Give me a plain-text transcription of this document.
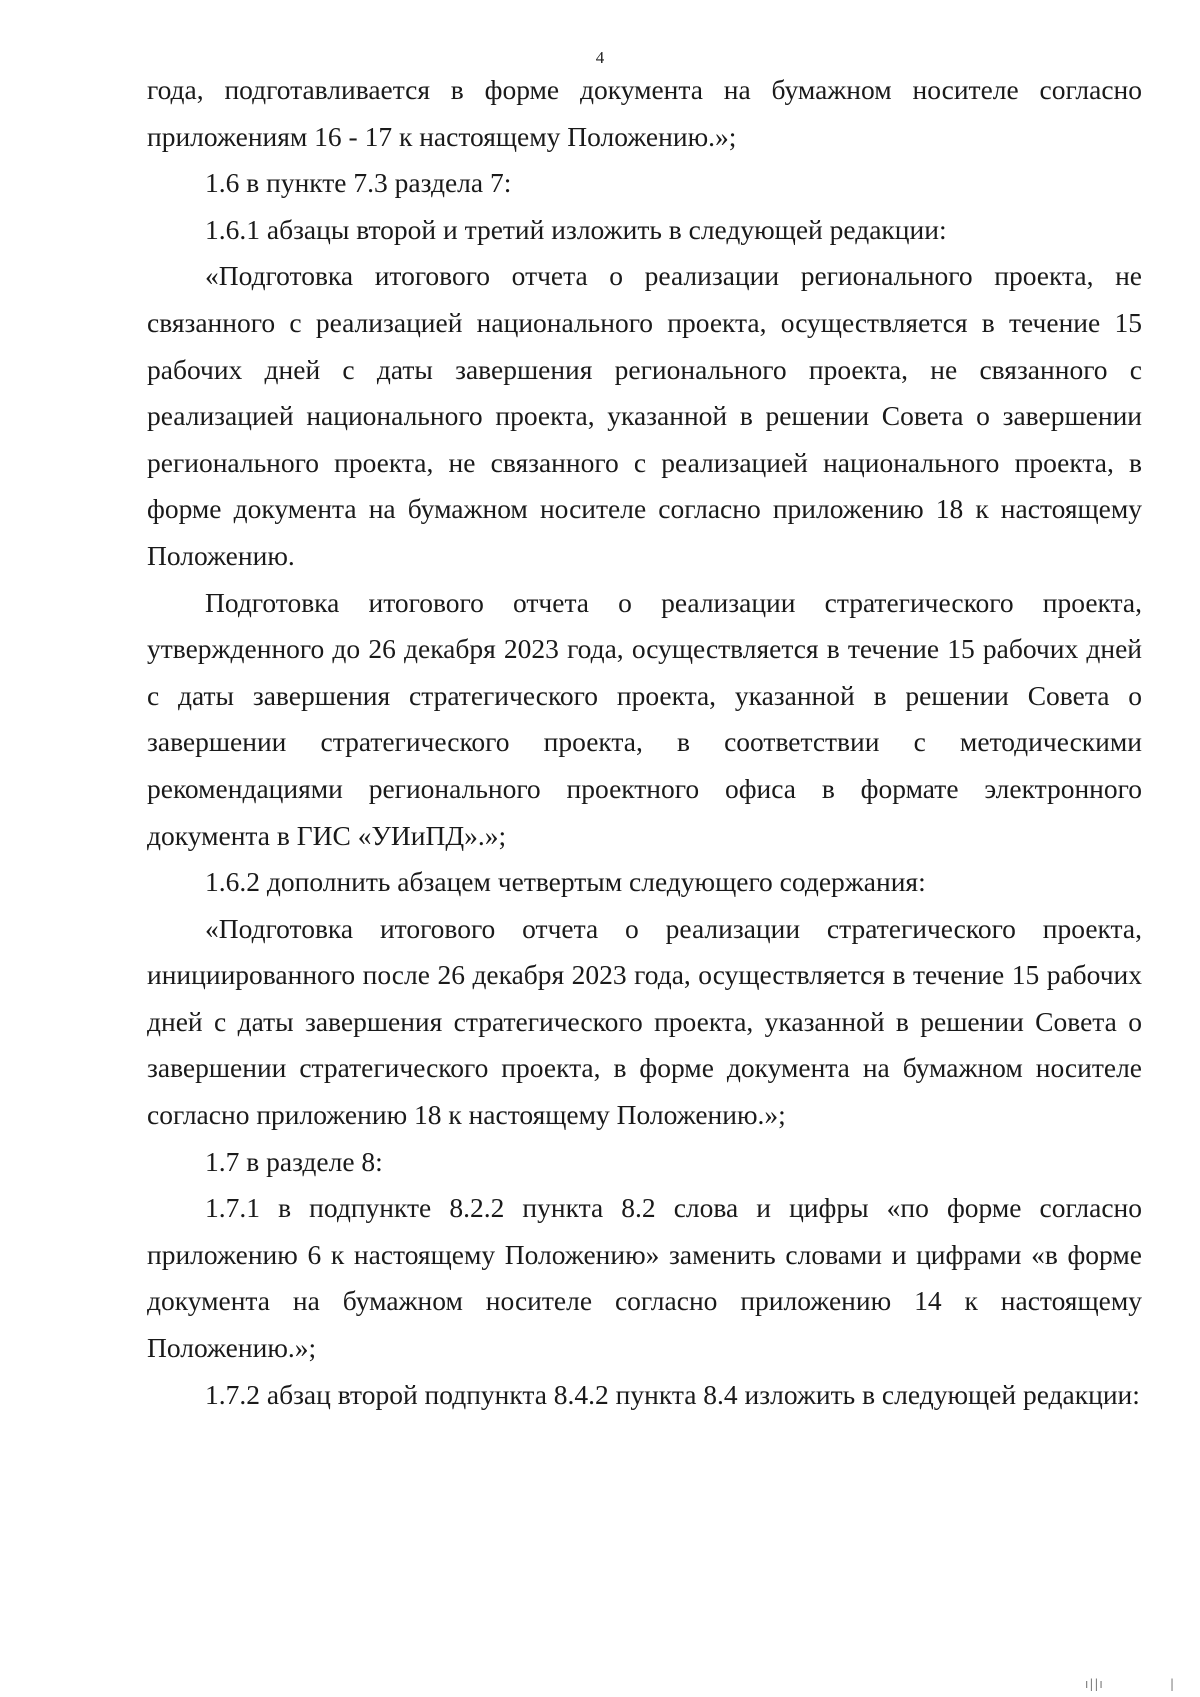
4

года, подготавливается в форме документа на бумажном носителе согласно приложениям 16 - 17 к настоящему Положению.»;

1.6 в пункте 7.3 раздела 7:

1.6.1 абзацы второй и третий изложить в следующей редакции:

«Подготовка итогового отчета о реализации регионального проекта, не связанного с реализацией национального проекта, осуществляется в течение 15 рабочих дней с даты завершения регионального проекта, не связанного с реализацией национального проекта, указанной в решении Совета о завершении регионального проекта, не связанного с реализацией национального проекта, в форме документа на бумажном носителе согласно приложению 18 к настоящему Положению.

Подготовка итогового отчета о реализации стратегического проекта, утвержденного до 26 декабря 2023 года, осуществляется в течение 15 рабочих дней с даты завершения стратегического проекта, указанной в решении Совета о завершении стратегического проекта, в соответствии с методическими рекомендациями регионального проектного офиса в формате электронного документа в ГИС «УИиПД».»;

1.6.2 дополнить абзацем четвертым следующего содержания:

«Подготовка итогового отчета о реализации стратегического проекта, инициированного после 26 декабря 2023 года, осуществляется в течение 15 рабочих дней с даты завершения стратегического проекта, указанной в решении Совета о завершении стратегического проекта, в форме документа на бумажном носителе согласно приложению 18 к настоящему Положению.»;

1.7 в разделе 8:

1.7.1 в подпункте 8.2.2 пункта 8.2 слова и цифры «по форме согласно приложению 6 к настоящему Положению» заменить словами и цифрами «в форме документа на бумажном носителе согласно приложению 14 к настоящему Положению.»;

1.7.2 абзац второй подпункта 8.4.2 пункта 8.4 изложить в следующей редакции:

ı||ı	|
